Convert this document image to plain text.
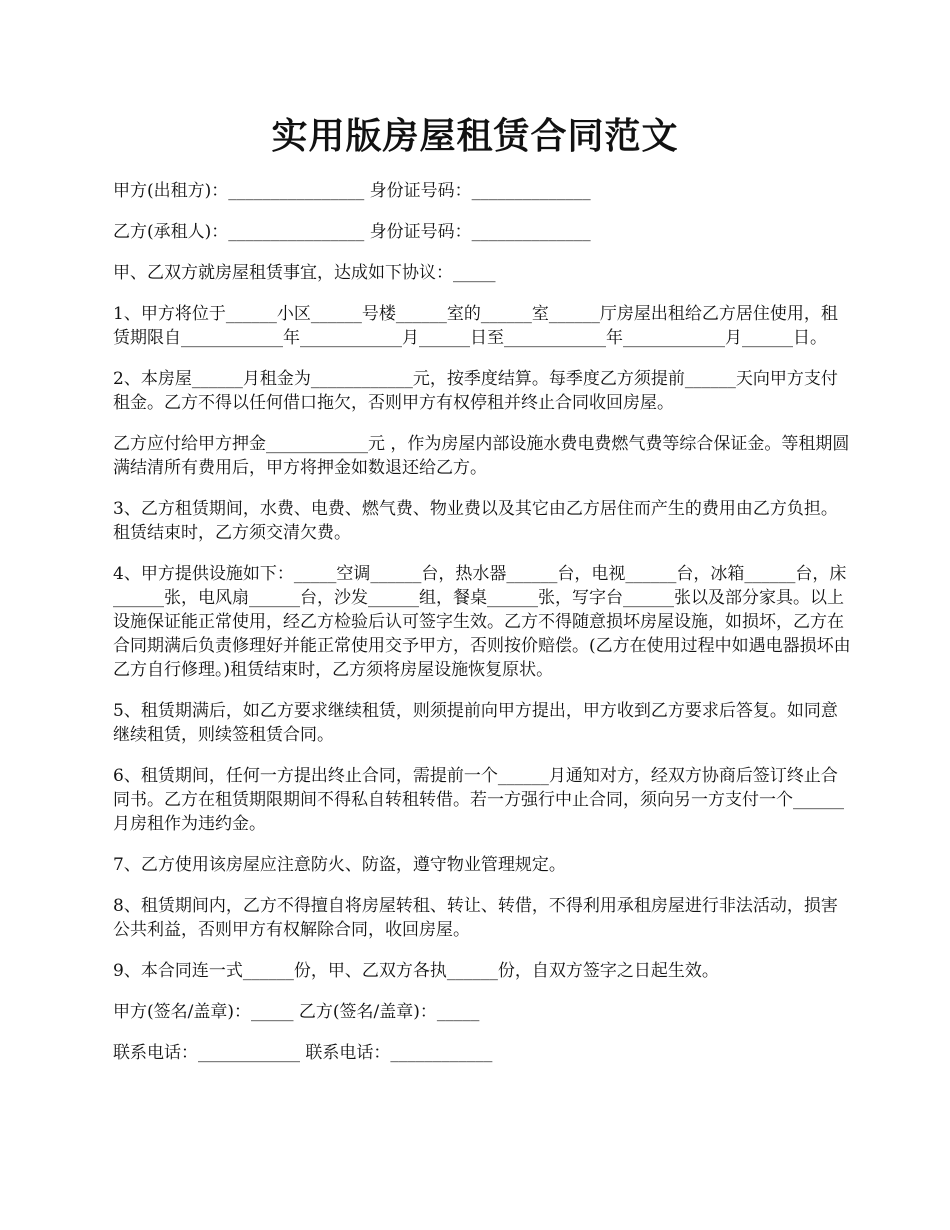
实用版房屋租赁合同范文

甲方(出租方)：________________ 身份证号码：______________

乙方(承租人)：________________ 身份证号码：______________

甲、乙双方就房屋租赁事宜，达成如下协议：_____

1、甲方将位于______小区______号楼______室的______室______厅房屋出租给乙方居住使用，租赁期限自____________年____________月______日至____________年____________月______日。

2、本房屋______月租金为____________元，按季度结算。每季度乙方须提前______天向甲方支付租金。乙方不得以任何借口拖欠，否则甲方有权停租并终止合同收回房屋。

乙方应付给甲方押金____________元 ，作为房屋内部设施水费电费燃气费等综合保证金。等租期圆满结清所有费用后，甲方将押金如数退还给乙方。

3、乙方租赁期间，水费、电费、燃气费、物业费以及其它由乙方居住而产生的费用由乙方负担。租赁结束时，乙方须交清欠费。

4、甲方提供设施如下：_____空调______台，热水器______台，电视______台，冰箱______台，床______张，电风扇______台，沙发______组，餐桌______张，写字台______张以及部分家具。以上设施保证能正常使用，经乙方检验后认可签字生效。乙方不得随意损坏房屋设施，如损坏，乙方在合同期满后负责修理好并能正常使用交予甲方，否则按价赔偿。(乙方在使用过程中如遇电器损坏由乙方自行修理。)租赁结束时，乙方须将房屋设施恢复原状。

5、租赁期满后，如乙方要求继续租赁，则须提前向甲方提出，甲方收到乙方要求后答复。如同意继续租赁，则续签租赁合同。

6、租赁期间，任何一方提出终止合同，需提前一个______月通知对方，经双方协商后签订终止合同书。乙方在租赁期限期间不得私自转租转借。若一方强行中止合同，须向另一方支付一个______月房租作为违约金。

7、乙方使用该房屋应注意防火、防盗，遵守物业管理规定。

8、租赁期间内，乙方不得擅自将房屋转租、转让、转借，不得利用承租房屋进行非法活动，损害公共利益，否则甲方有权解除合同，收回房屋。

9、本合同连一式______份，甲、乙双方各执______份，自双方签字之日起生效。

甲方(签名/盖章)：_____ 乙方(签名/盖章)：_____

联系电话：____________ 联系电话：____________
